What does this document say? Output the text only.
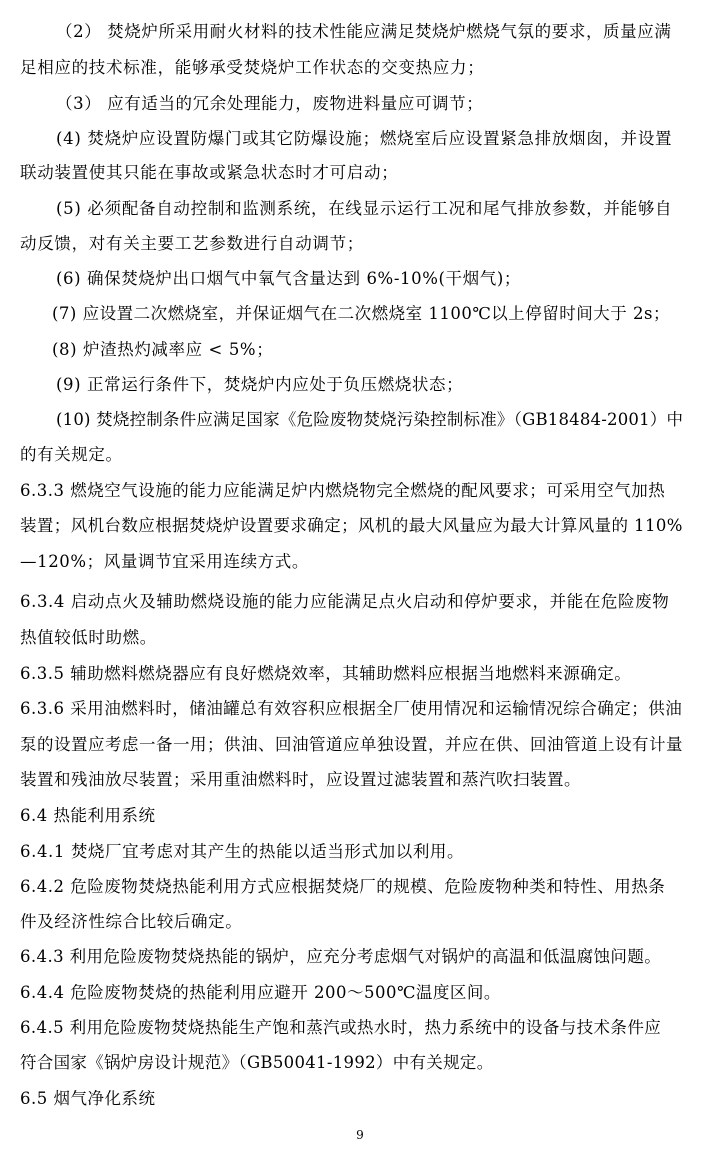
（2） 焚烧炉所采用耐火材料的技术性能应满足焚烧炉燃烧气氛的要求，质量应满
足相应的技术标准，能够承受焚烧炉工作状态的交变热应力；
（3） 应有适当的冗余处理能力，废物进料量应可调节；
(4) 焚烧炉应设置防爆门或其它防爆设施；燃烧室后应设置紧急排放烟囱，并设置
联动装置使其只能在事故或紧急状态时才可启动；
(5) 必须配备自动控制和监测系统，在线显示运行工况和尾气排放参数，并能够自
动反馈，对有关主要工艺参数进行自动调节；
(6) 确保焚烧炉出口烟气中氧气含量达到 6%-10%(干烟气)；
(7) 应设置二次燃烧室，并保证烟气在二次燃烧室 1100℃以上停留时间大于 2s；
(8) 炉渣热灼减率应 < 5%；
(9) 正常运行条件下，焚烧炉内应处于负压燃烧状态；
(10) 焚烧控制条件应满足国家《危险废物焚烧污染控制标准》（GB18484-2001）中
的有关规定。
6.3.3 燃烧空气设施的能力应能满足炉内燃烧物完全燃烧的配风要求；可采用空气加热
装置；风机台数应根据焚烧炉设置要求确定；风机的最大风量应为最大计算风量的 110%
—120%；风量调节宜采用连续方式。
6.3.4 启动点火及辅助燃烧设施的能力应能满足点火启动和停炉要求，并能在危险废物
热值较低时助燃。
6.3.5 辅助燃料燃烧器应有良好燃烧效率，其辅助燃料应根据当地燃料来源确定。
6.3.6 采用油燃料时，储油罐总有效容积应根据全厂使用情况和运输情况综合确定；供油
泵的设置应考虑一备一用；供油、回油管道应单独设置，并应在供、回油管道上设有计量
装置和残油放尽装置；采用重油燃料时，应设置过滤装置和蒸汽吹扫装置。
6.4 热能利用系统
6.4.1 焚烧厂宜考虑对其产生的热能以适当形式加以利用。
6.4.2 危险废物焚烧热能利用方式应根据焚烧厂的规模、危险废物种类和特性、用热条
件及经济性综合比较后确定。
6.4.3 利用危险废物焚烧热能的锅炉，应充分考虑烟气对锅炉的高温和低温腐蚀问题。
6.4.4 危险废物焚烧的热能利用应避开 200～500℃温度区间。
6.4.5 利用危险废物焚烧热能生产饱和蒸汽或热水时，热力系统中的设备与技术条件应
符合国家《锅炉房设计规范》（GB50041-1992）中有关规定。
6.5 烟气净化系统
9
